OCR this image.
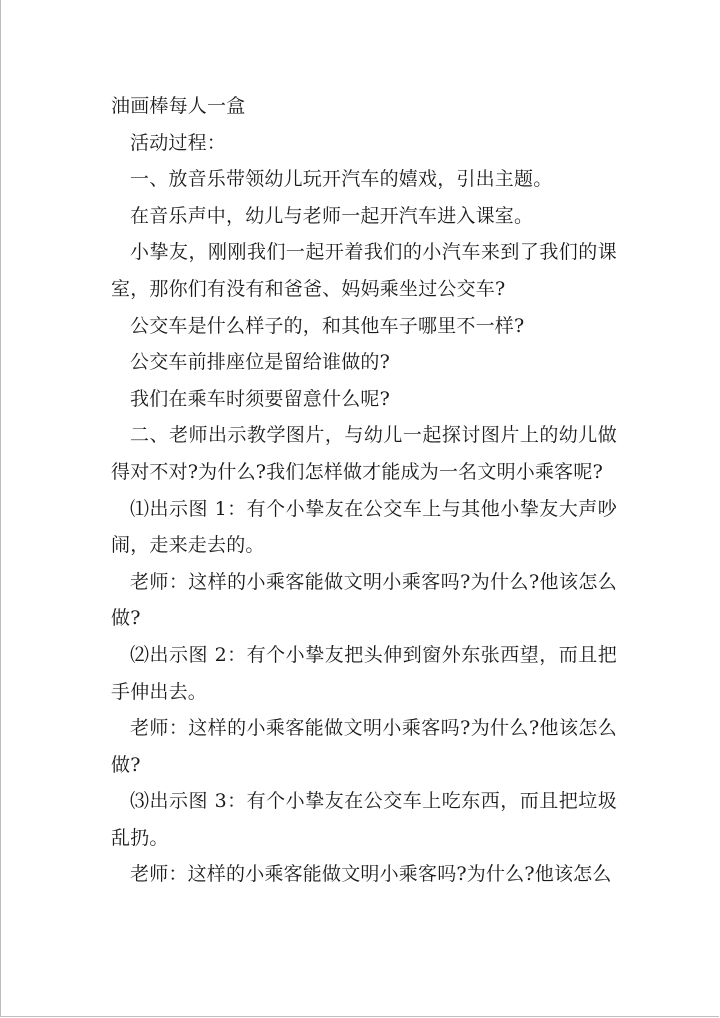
油画棒每人一盒

活动过程：

一、放音乐带领幼儿玩开汽车的嬉戏，引出主题。

在音乐声中，幼儿与老师一起开汽车进入课室。

小挚友，刚刚我们一起开着我们的小汽车来到了我们的课室，那你们有没有和爸爸、妈妈乘坐过公交车?

公交车是什么样子的，和其他车子哪里不一样?

公交车前排座位是留给谁做的?

我们在乘车时须要留意什么呢?

二、老师出示教学图片，与幼儿一起探讨图片上的幼儿做得对不对?为什么?我们怎样做才能成为一名文明小乘客呢?

⑴出示图 1：有个小挚友在公交车上与其他小挚友大声吵闹，走来走去的。

老师：这样的小乘客能做文明小乘客吗?为什么?他该怎么做?

⑵出示图 2：有个小挚友把头伸到窗外东张西望，而且把手伸出去。

老师：这样的小乘客能做文明小乘客吗?为什么?他该怎么做?

⑶出示图 3：有个小挚友在公交车上吃东西，而且把垃圾乱扔。

老师：这样的小乘客能做文明小乘客吗?为什么?他该怎么
